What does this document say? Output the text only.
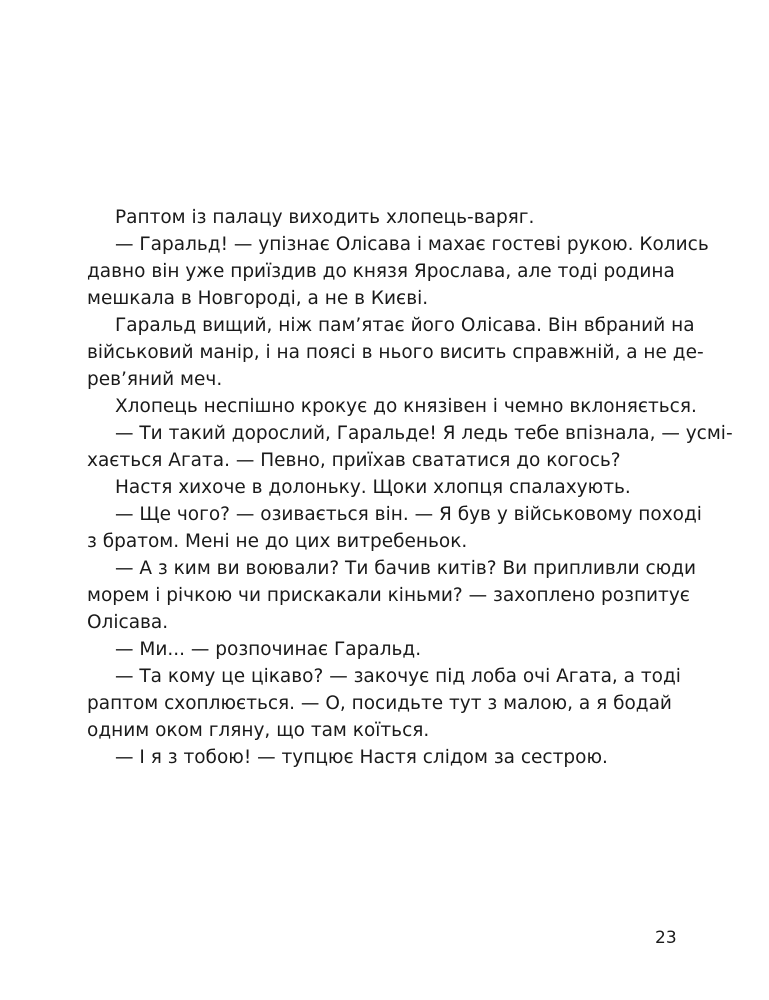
Раптом із палацу виходить хлопець-варяг.
— Гаральд! — упізнає Олісава і махає гостеві рукою. Колись
давно він уже приїздив до князя Ярослава, але тоді родина
мешкала в Новгороді, а не в Києві.
Гаральд вищий, ніж пам’ятає його Олісава. Він вбраний на
військовий манір, і на поясі в нього висить справжній, а не де-
рев’яний меч.
Хлопець неспішно крокує до князівен і чемно вклоняється.
— Ти такий дорослий, Гаральде! Я ледь тебе впізнала, — усмі-
хається Агата. — Певно, приїхав свататися до когось?
Настя хихоче в долоньку. Щоки хлопця спалахують.
— Ще чого? — озивається він. — Я був у військовому поході
з братом. Мені не до цих витребеньок.
— А з ким ви воювали? Ти бачив китів? Ви припливли сюди
морем і річкою чи прискакали кіньми? — захоплено розпитує
Олісава.
— Ми... — розпочинає Гаральд.
— Та кому це цікаво? — закочує під лоба очі Агата, а тоді
раптом схоплюється. — О, посидьте тут з малою, а я бодай
одним оком гляну, що там коїться.
— І я з тобою! — тупцює Настя слідом за сестрою.
23
